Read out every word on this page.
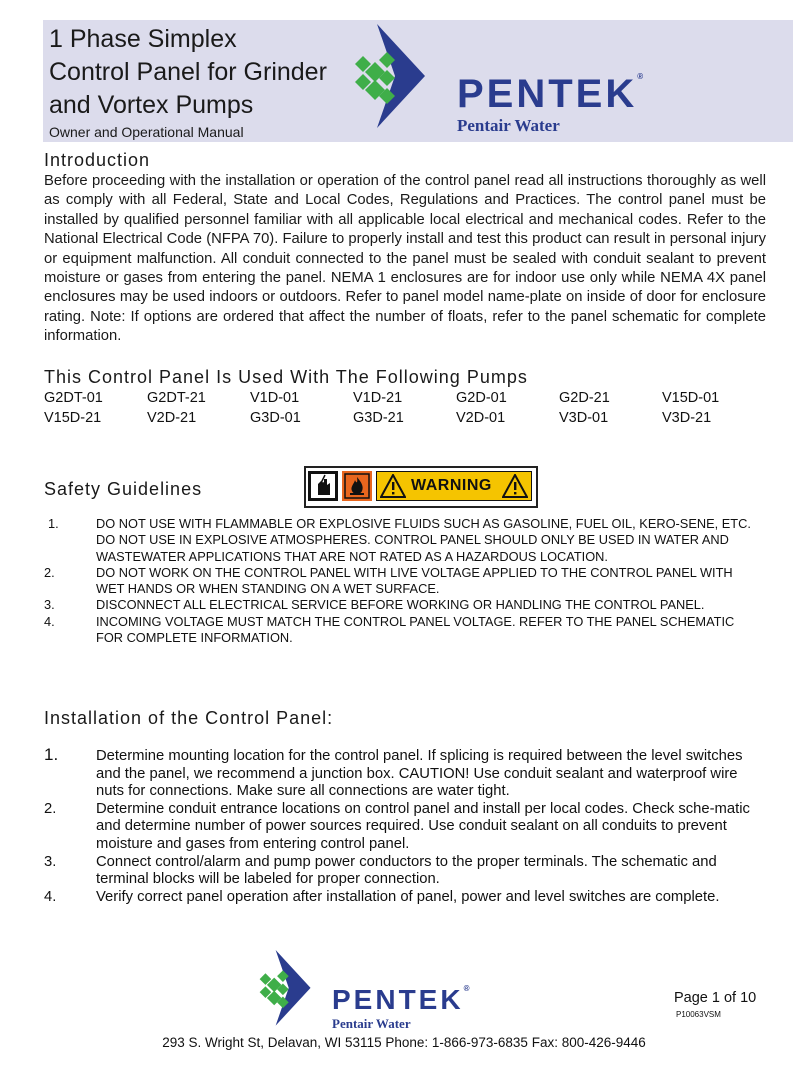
1 Phase Simplex
Control Panel for Grinder
and Vortex Pumps
Owner and Operational Manual
PENTEK®
Pentair Water
Introduction
Before proceeding with the installation or operation of the control panel read all instructions thoroughly as well as comply with all Federal, State and Local Codes, Regulations and Practices. The control panel must be installed by qualified personnel familiar with all applicable local electrical and mechanical codes. Refer to the National Electrical Code (NFPA 70). Failure to properly install and test this product can result in personal injury or equipment malfunction. All conduit connected to the panel must be sealed with conduit sealant to prevent moisture or gases from entering the panel. NEMA 1 enclosures are for indoor use only while NEMA 4X panel enclosures may be used indoors or outdoors. Refer to panel model name-plate on inside of door for enclosure rating. Note: If options are ordered that affect the number of floats, refer to the panel schematic for complete information.
This Control Panel Is Used With The Following Pumps
G2DT-01	G2DT-21	V1D-01	V1D-21	G2D-01	G2D-21	V15D-01
V15D-21	V2D-21	G3D-01	G3D-21	V2D-01	V3D-01	V3D-21
Safety Guidelines	WARNING
1.	DO NOT USE WITH FLAMMABLE OR EXPLOSIVE FLUIDS SUCH AS GASOLINE, FUEL OIL, KERO-SENE, ETC. DO NOT USE IN EXPLOSIVE ATMOSPHERES. CONTROL PANEL SHOULD ONLY BE USED IN WATER AND WASTEWATER APPLICATIONS THAT ARE NOT RATED AS A HAZARDOUS LOCATION.
2.	DO NOT WORK ON THE CONTROL PANEL WITH LIVE VOLTAGE APPLIED TO THE CONTROL PANEL WITH WET HANDS OR WHEN STANDING ON A WET SURFACE.
3.	DISCONNECT ALL ELECTRICAL SERVICE BEFORE WORKING OR HANDLING THE CONTROL PANEL.
4.	INCOMING VOLTAGE MUST MATCH THE CONTROL PANEL VOLTAGE. REFER TO THE PANEL SCHEMATIC FOR COMPLETE INFORMATION.
Installation of the Control Panel:
1.	Determine mounting location for the control panel. If splicing is required between the level switches and the panel, we recommend a junction box. CAUTION! Use conduit sealant and waterproof wire nuts for connections. Make sure all connections are water tight.
2.	Determine conduit entrance locations on control panel and install per local codes. Check sche-matic and determine number of power sources required. Use conduit sealant on all conduits to prevent moisture and gases from entering control panel.
3.	Connect control/alarm and pump power conductors to the proper terminals. The schematic and terminal blocks will be labeled for proper connection.
4.	Verify correct panel operation after installation of panel, power and level switches are complete.
PENTEK®
Pentair Water
Page 1 of 10
P10063VSM
293 S. Wright St, Delavan, WI 53115 Phone: 1-866-973-6835 Fax: 800-426-9446
